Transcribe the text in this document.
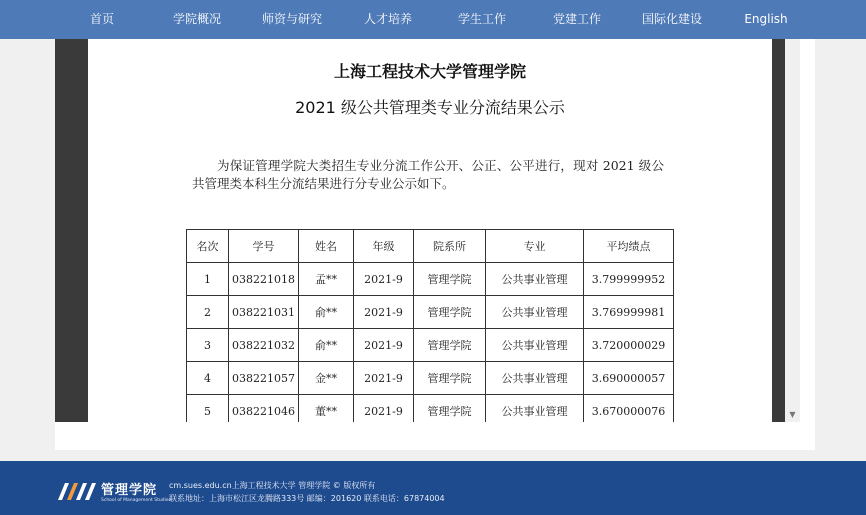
首页	学院概况	师资与研究	人才培养	学生工作	党建工作	国际化建设	English
上海工程技术大学管理学院
2021 级公共管理类专业分流结果公示
为保证管理学院大类招生专业分流工作公开、公正、公平进行，现对 2021 级公共管理类本科生分流结果进行分专业公示如下。
名次	学号	姓名	年级	院系所	专业	平均绩点
1	038221018	孟**	2021-9	管理学院	公共事业管理	3.799999952
2	038221031	俞**	2021-9	管理学院	公共事业管理	3.769999981
3	038221032	俞**	2021-9	管理学院	公共事业管理	3.720000029
4	038221057	金**	2021-9	管理学院	公共事业管理	3.690000057
5	038221046	董**	2021-9	管理学院	公共事业管理	3.670000076	▼
管理学院
School of Management Studies
cm.sues.edu.cn上海工程技术大学 管理学院 © 版权所有
联系地址：上海市松江区龙腾路333号 邮编：201620 联系电话：67874004
